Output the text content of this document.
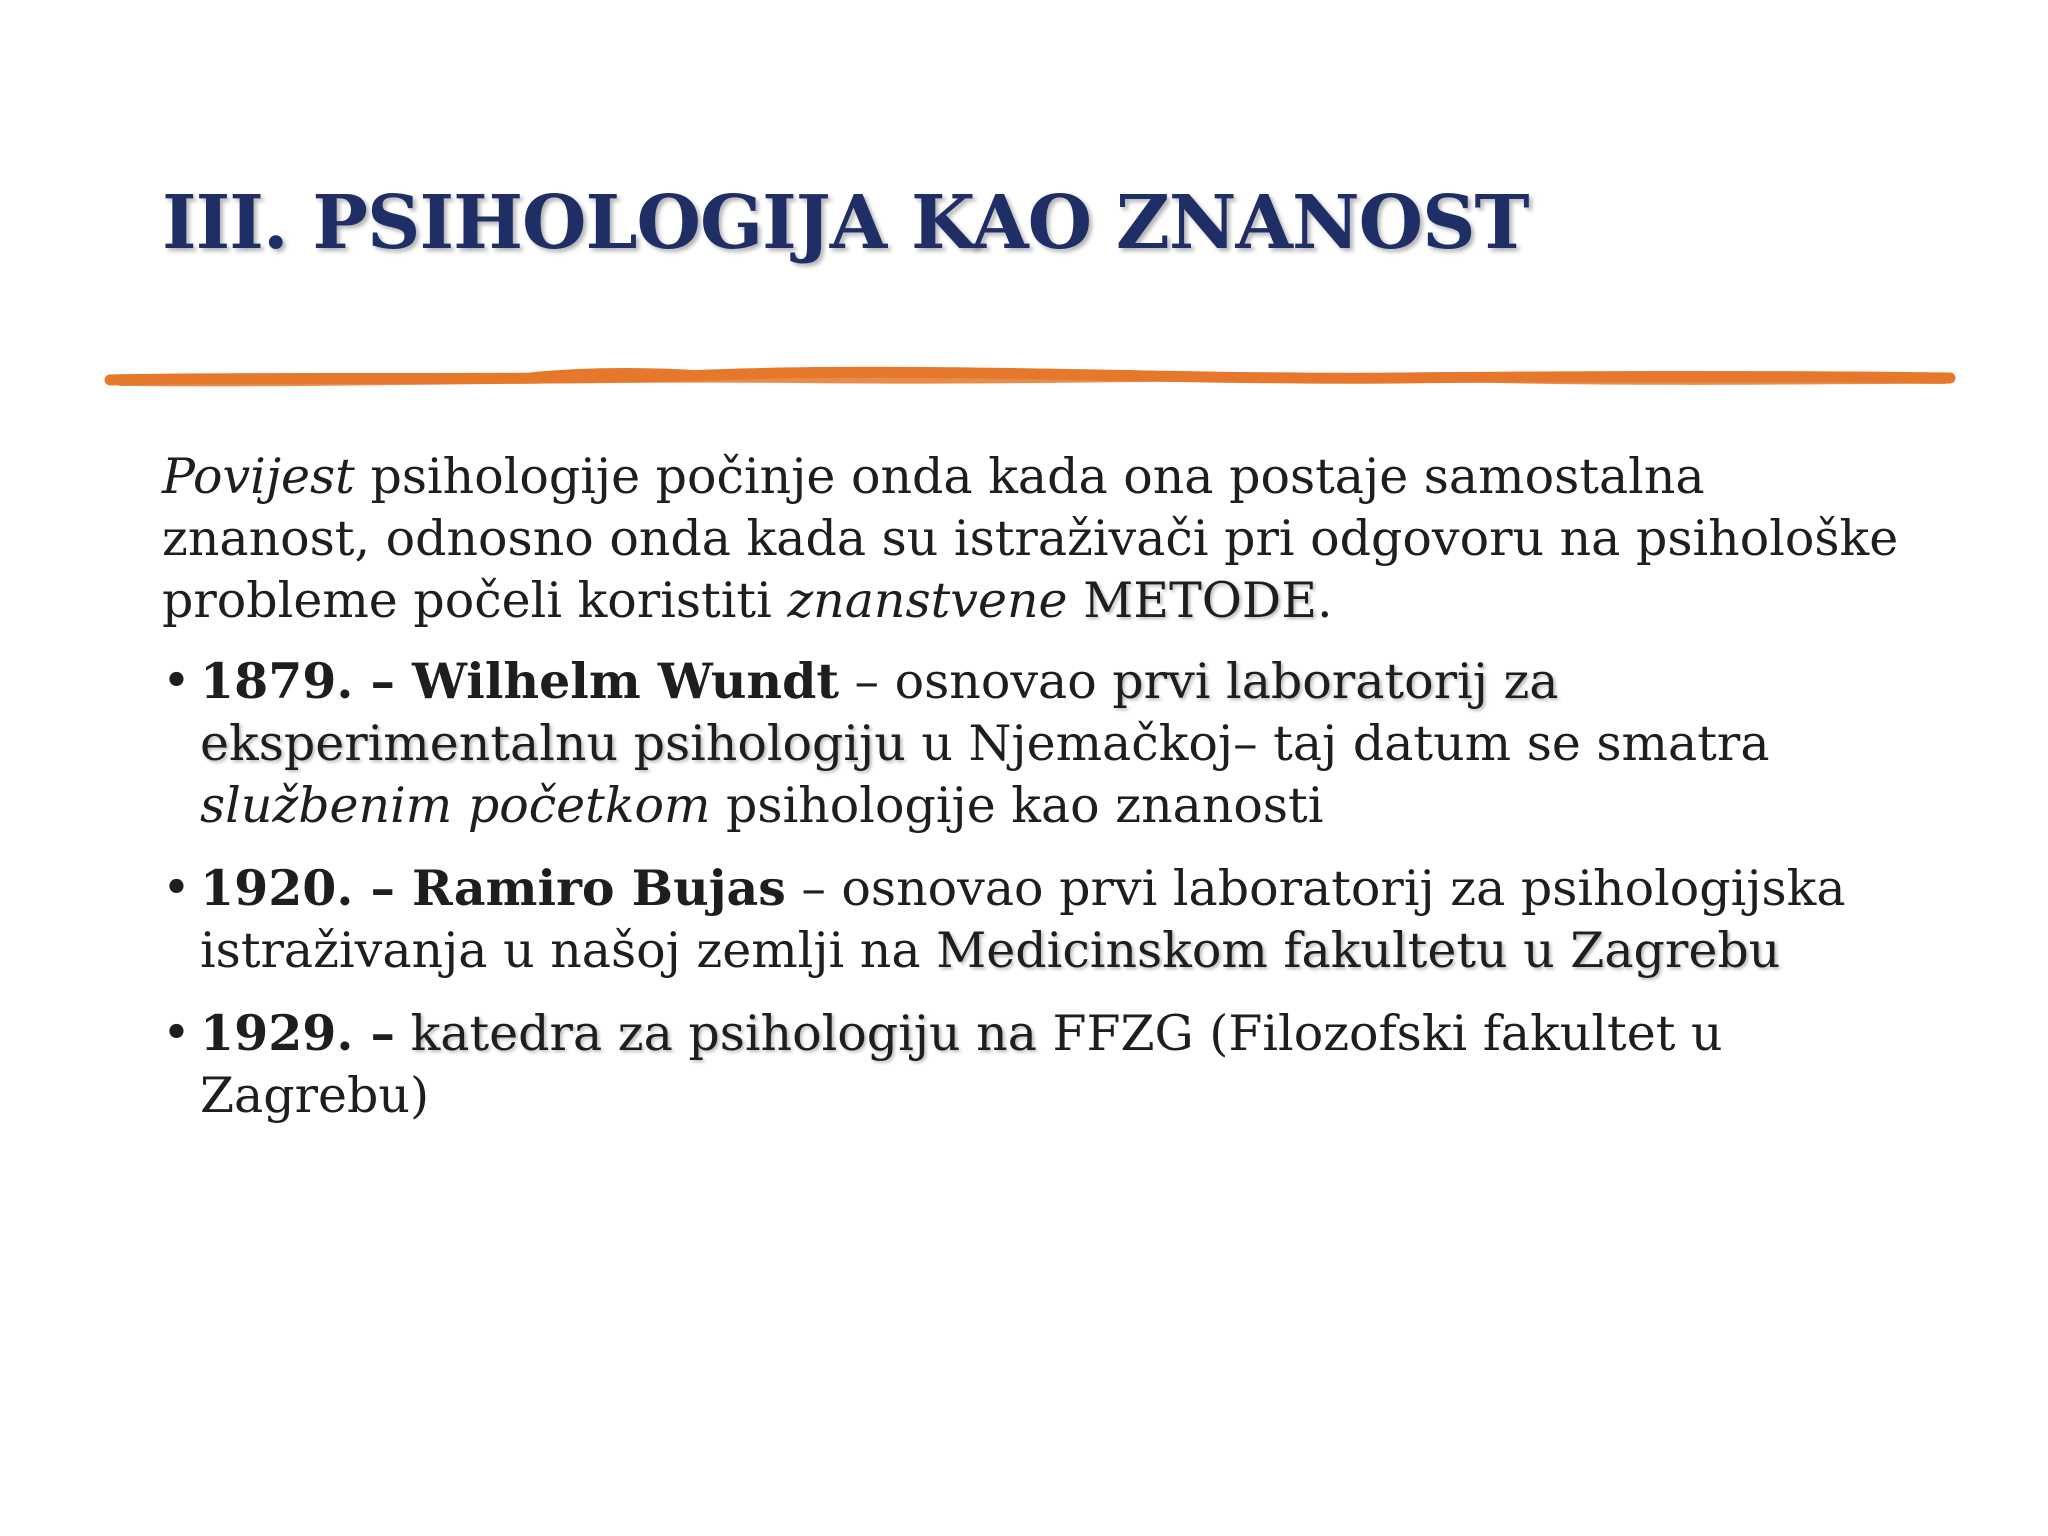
III. PSIHOLOGIJA KAO ZNANOST

Povijest psihologije počinje onda kada ona postaje samostalna znanost, odnosno onda kada su istraživači pri odgovoru na psihološke probleme počeli koristiti znanstvene METODE.

• 1879. – Wilhelm Wundt – osnovao prvi laboratorij za eksperimentalnu psihologiju u Njemačkoj– taj datum se smatra službenim početkom psihologije kao znanosti
• 1920. – Ramiro Bujas – osnovao prvi laboratorij za psihologijska istraživanja u našoj zemlji na Medicinskom fakultetu u Zagrebu
• 1929. – katedra za psihologiju na FFZG (Filozofski fakultet u Zagrebu)
